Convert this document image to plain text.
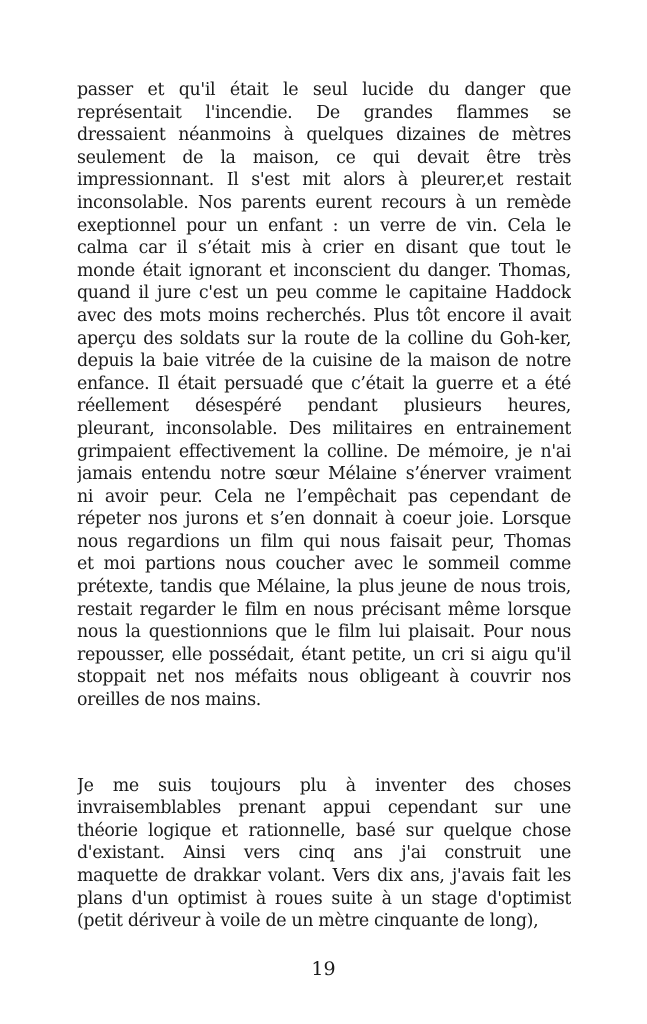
passer et qu'il était le seul lucide du danger que
représentait l'incendie. De grandes flammes se
dressaient néanmoins à quelques dizaines de mètres
seulement de la maison, ce qui devait être très
impressionnant. Il s'est mit alors à pleurer,et restait
inconsolable. Nos parents eurent recours à un remède
exeptionnel pour un enfant : un verre de vin. Cela le
calma car il s’était mis à crier en disant que tout le
monde était ignorant et inconscient du danger. Thomas,
quand il jure c'est un peu comme le capitaine Haddock
avec des mots moins recherchés. Plus tôt encore il avait
aperçu des soldats sur la route de la colline du Goh-ker,
depuis la baie vitrée de la cuisine de la maison de notre
enfance. Il était persuadé que c’était la guerre et a été
réellement désespéré pendant plusieurs heures,
pleurant, inconsolable. Des militaires en entrainement
grimpaient effectivement la colline. De mémoire, je n'ai
jamais entendu notre sœur Mélaine s’énerver vraiment
ni avoir peur. Cela ne l’empêchait pas cependant de
répeter nos jurons et s’en donnait à coeur joie. Lorsque
nous regardions un film qui nous faisait peur, Thomas
et moi partions nous coucher avec le sommeil comme
prétexte, tandis que Mélaine, la plus jeune de nous trois,
restait regarder le film en nous précisant même lorsque
nous la questionnions que le film lui plaisait. Pour nous
repousser, elle possédait, étant petite, un cri si aigu qu'il
stoppait net nos méfaits nous obligeant à couvrir nos
oreilles de nos mains.
Je me suis toujours plu à inventer des choses
invraisemblables prenant appui cependant sur une
théorie logique et rationnelle, basé sur quelque chose
d'existant. Ainsi vers cinq ans j'ai construit une
maquette de drakkar volant. Vers dix ans, j'avais fait les
plans d'un optimist à roues suite à un stage d'optimist
(petit dériveur à voile de un mètre cinquante de long),
19
